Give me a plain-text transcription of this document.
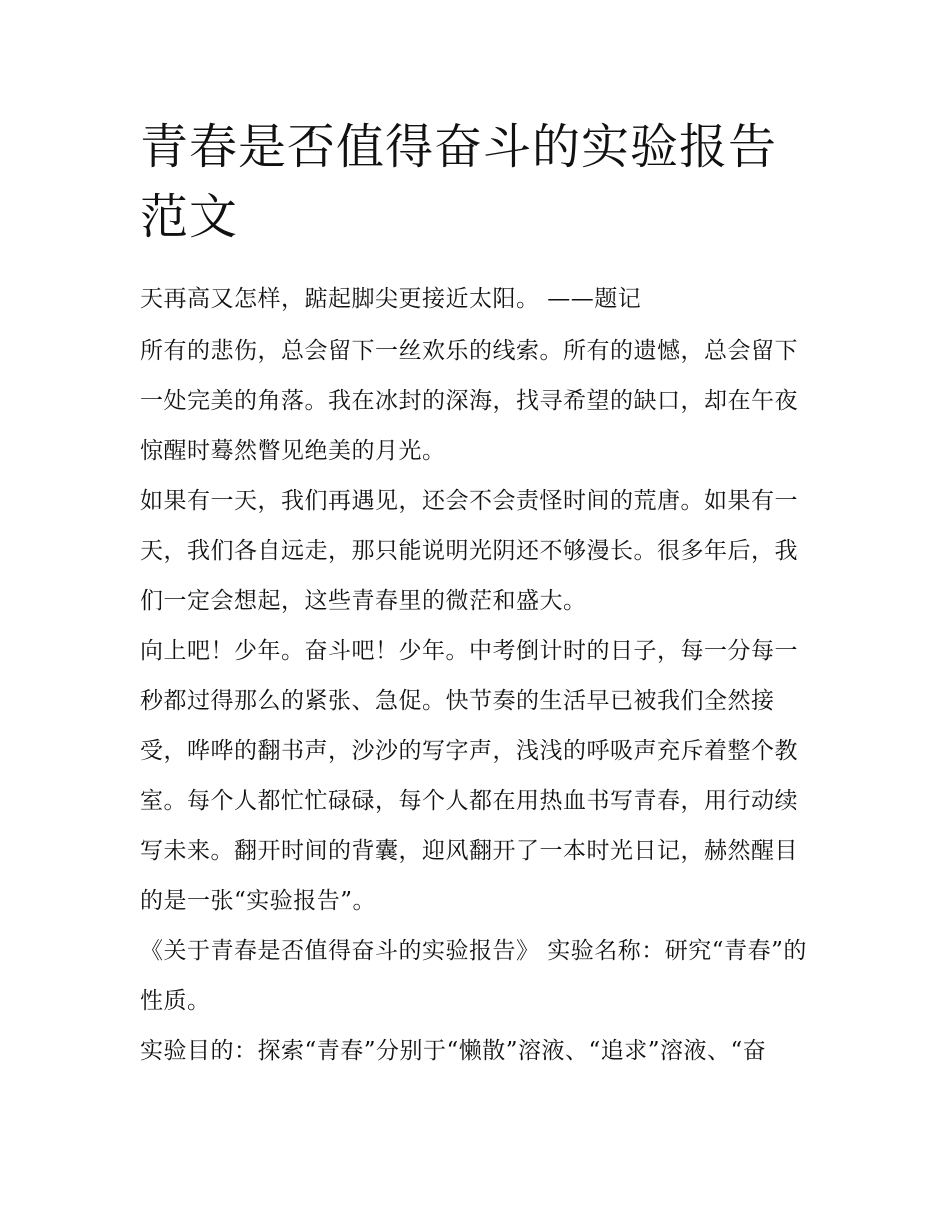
青春是否值得奋斗的实验报告范文

天再高又怎样，踮起脚尖更接近太阳。 ——题记

所有的悲伤，总会留下一丝欢乐的线索。所有的遗憾，总会留下一处完美的角落。我在冰封的深海，找寻希望的缺口，却在午夜惊醒时蓦然瞥见绝美的月光。

如果有一天，我们再遇见，还会不会责怪时间的荒唐。如果有一天，我们各自远走，那只能说明光阴还不够漫长。很多年后，我们一定会想起，这些青春里的微茫和盛大。

向上吧！少年。奋斗吧！少年。中考倒计时的日子，每一分每一秒都过得那么的紧张、急促。快节奏的生活早已被我们全然接受，哗哗的翻书声，沙沙的写字声，浅浅的呼吸声充斥着整个教室。每个人都忙忙碌碌，每个人都在用热血书写青春，用行动续写未来。翻开时间的背囊，迎风翻开了一本时光日记，赫然醒目的是一张“实验报告”。

《关于青春是否值得奋斗的实验报告》 实验名称：研究“青春”的性质。

实验目的：探索“青春”分别于“懒散”溶液、“追求”溶液、“奋
